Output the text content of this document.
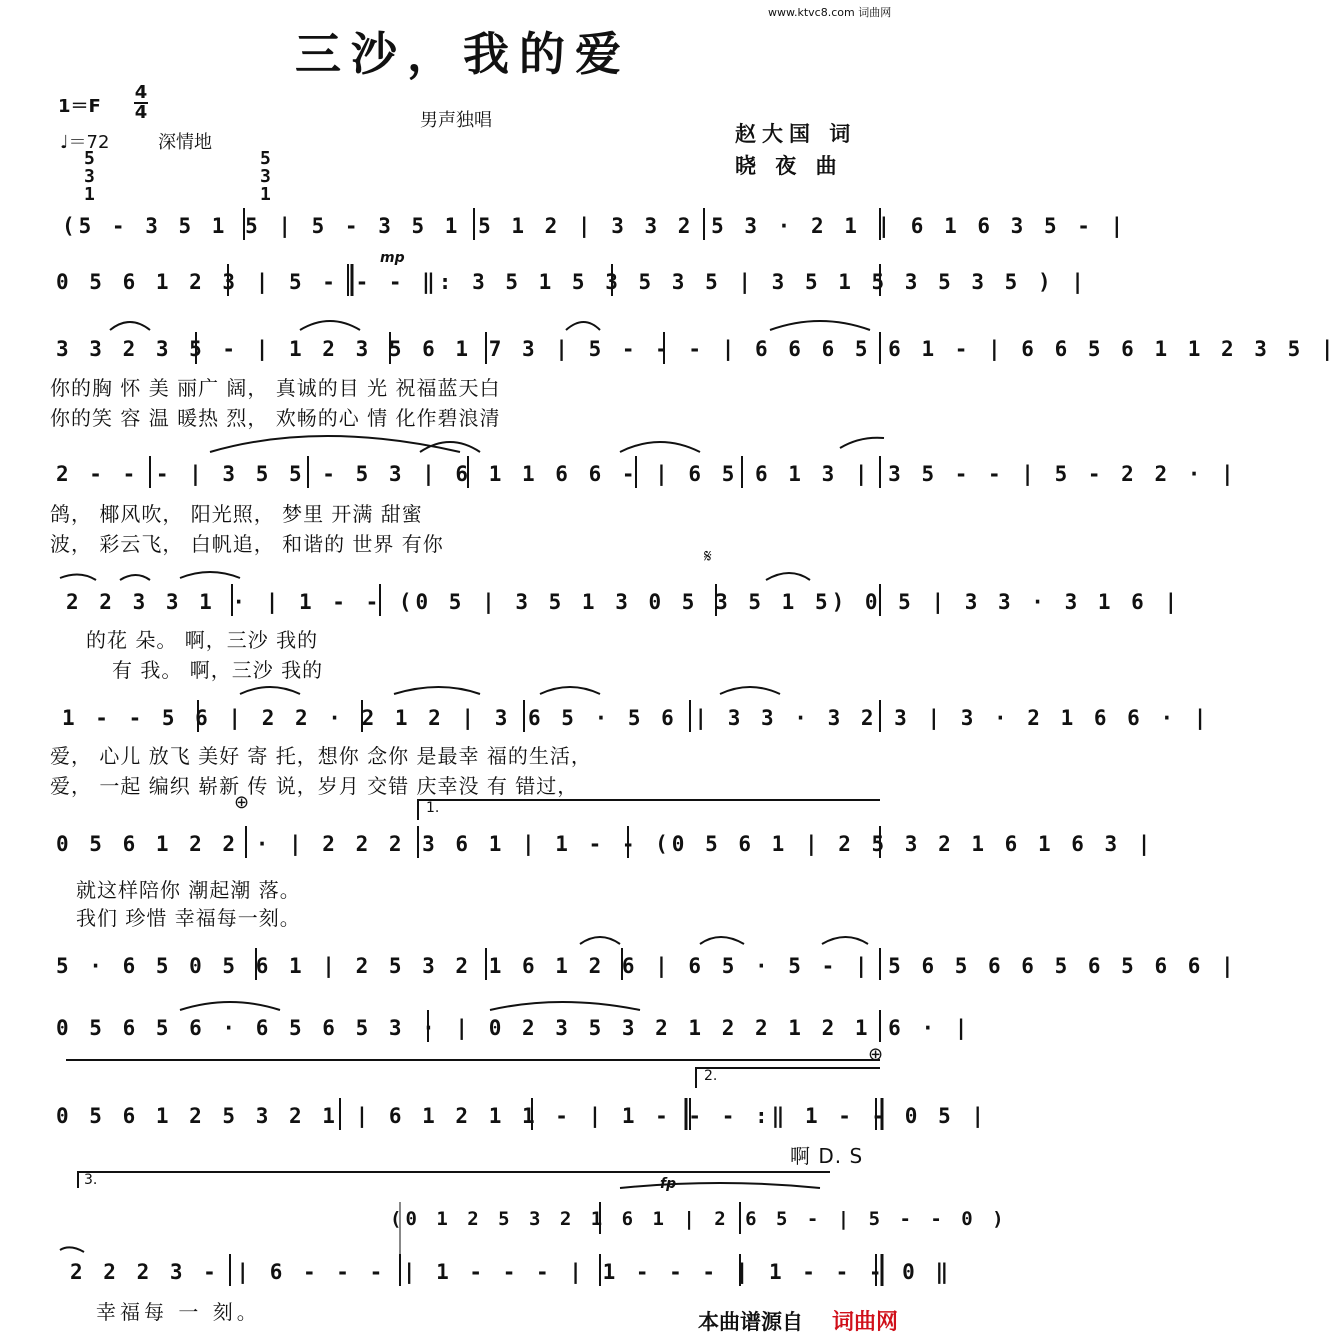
www.ktvc8.com 词曲网
三沙，我的爱
1＝F
4
4
♩＝72	深情地
男声独唱
赵大国 词
晓 夜 曲
5
3
1
5
3
1
(5 - 3 5 1 5 | 5 - 3 5 1 5 1 2 | 3 3 2 5 3 · 2 1 | 6 1 6 3 5 - |
mp
0 5 6 1 2 3 | 5 - - - ‖: 3 5 1 5 3 5 3 5 | 3 5 1 5 3 5 3 5 ) |
3 3 2 3 5 - | 1 2 3 5 6 1 7 3 | 5 - - - | 6 6 6 5 6 1 - | 6 6 5 6 1 1 2 3 5 |
你的胸 怀 美 丽广 阔， 真诚的目 光 祝福蓝天白
你的笑 容 温 暖热 烈， 欢畅的心 情 化作碧浪清
2 - - - | 3 5 5 - 5 3 | 6 1 1 6 6 - | 6 5 6 1 3 | 3 5 - - | 5 - 2 2 · |
鸽， 椰风吹， 阳光照， 梦里 开满 甜蜜
波， 彩云飞， 白帆追， 和谐的 世界 有你
𝄋
2 2 3 3 1 · | 1 - - (0 5 | 3 5 1 3 0 5 3 5 1 5) 0 5 | 3 3 · 3 1 6 |
的花 朵。 啊，三沙 我的
有 我。 啊，三沙 我的
1 - - 5 6 | 2 2 · 2 1 2 | 3 6 5 · 5 6 | 3 3 · 3 2 3 | 3 · 2 1 6 6 · |
爱， 心儿 放飞 美好 寄 托，想你 念你 是最幸 福的生活，
爱， 一起 编织 崭新 传 说，岁月 交错 庆幸没 有 错过，
⊕	1.
0 5 6 1 2 2 · | 2 2 2 3 6 1 | 1 - - (0 5 6 1 | 2 5 3 2 1 6 1 6 3 |
就这样陪你 潮起潮 落。
我们 珍惜 幸福每一刻。
5 · 6 5 0 5 6 1 | 2 5 3 2 1 6 1 2 6 | 6 5 · 5 - | 5 6 5 6 6 5 6 5 6 6 |
0 5 6 5 6 · 6 5 6 5 3 · | 0 2 3 5 3 2 1 2 2 1 2 1 6 · |
⊕
2.
0 5 6 1 2 5 3 2 1 | 6 1 2 1 1 - | 1 - - - :‖ 1 - - 0 5 |
啊 D. S
3.	fp
(0 1 2 5 3 2 1 6 1 | 2 6 5 - | 5 - - 0 )
2 2 2 3 - | 6 - - - | 1 - - - | 1 - - - | 1 - - - 0 ‖
幸福每 一 刻。	本曲谱源自 词曲网
